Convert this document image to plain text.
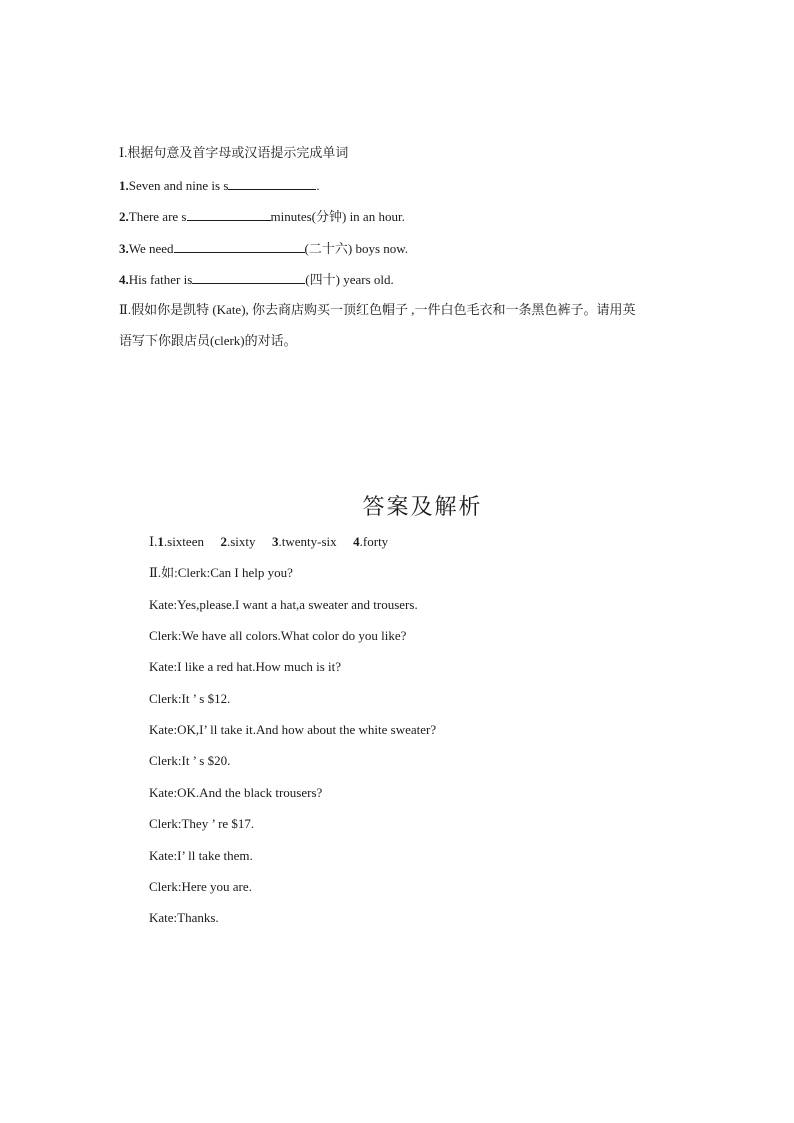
Ⅰ.根据句意及首字母或汉语提示完成单词
1.Seven and nine is s	.
2.There are s	minutes(分钟) in an hour.
3.We need	(二十六) boys now.
4.His father is	(四十) years old.
Ⅱ.假如你是凯特 (Kate), 你去商店购买一顶红色帽子 ,一件白色毛衣和一条黑色裤子。请用英
语写下你跟店员(clerk)的对话。
答案及解析
Ⅰ.1.sixteen 2.sixty 3.twenty-six 4.forty
Ⅱ.如:Clerk:Can I help you?
Kate:Yes,please.I want a hat,a sweater and trousers.
Clerk:We have all colors.What color do you like?
Kate:I like a red hat.How much is it?
Clerk:It ’ s $12.
Kate:OK,I’ ll take it.And how about the white sweater?
Clerk:It ’ s $20.
Kate:OK.And the black trousers?
Clerk:They ’ re $17.
Kate:I’ ll take them.
Clerk:Here you are.
Kate:Thanks.
